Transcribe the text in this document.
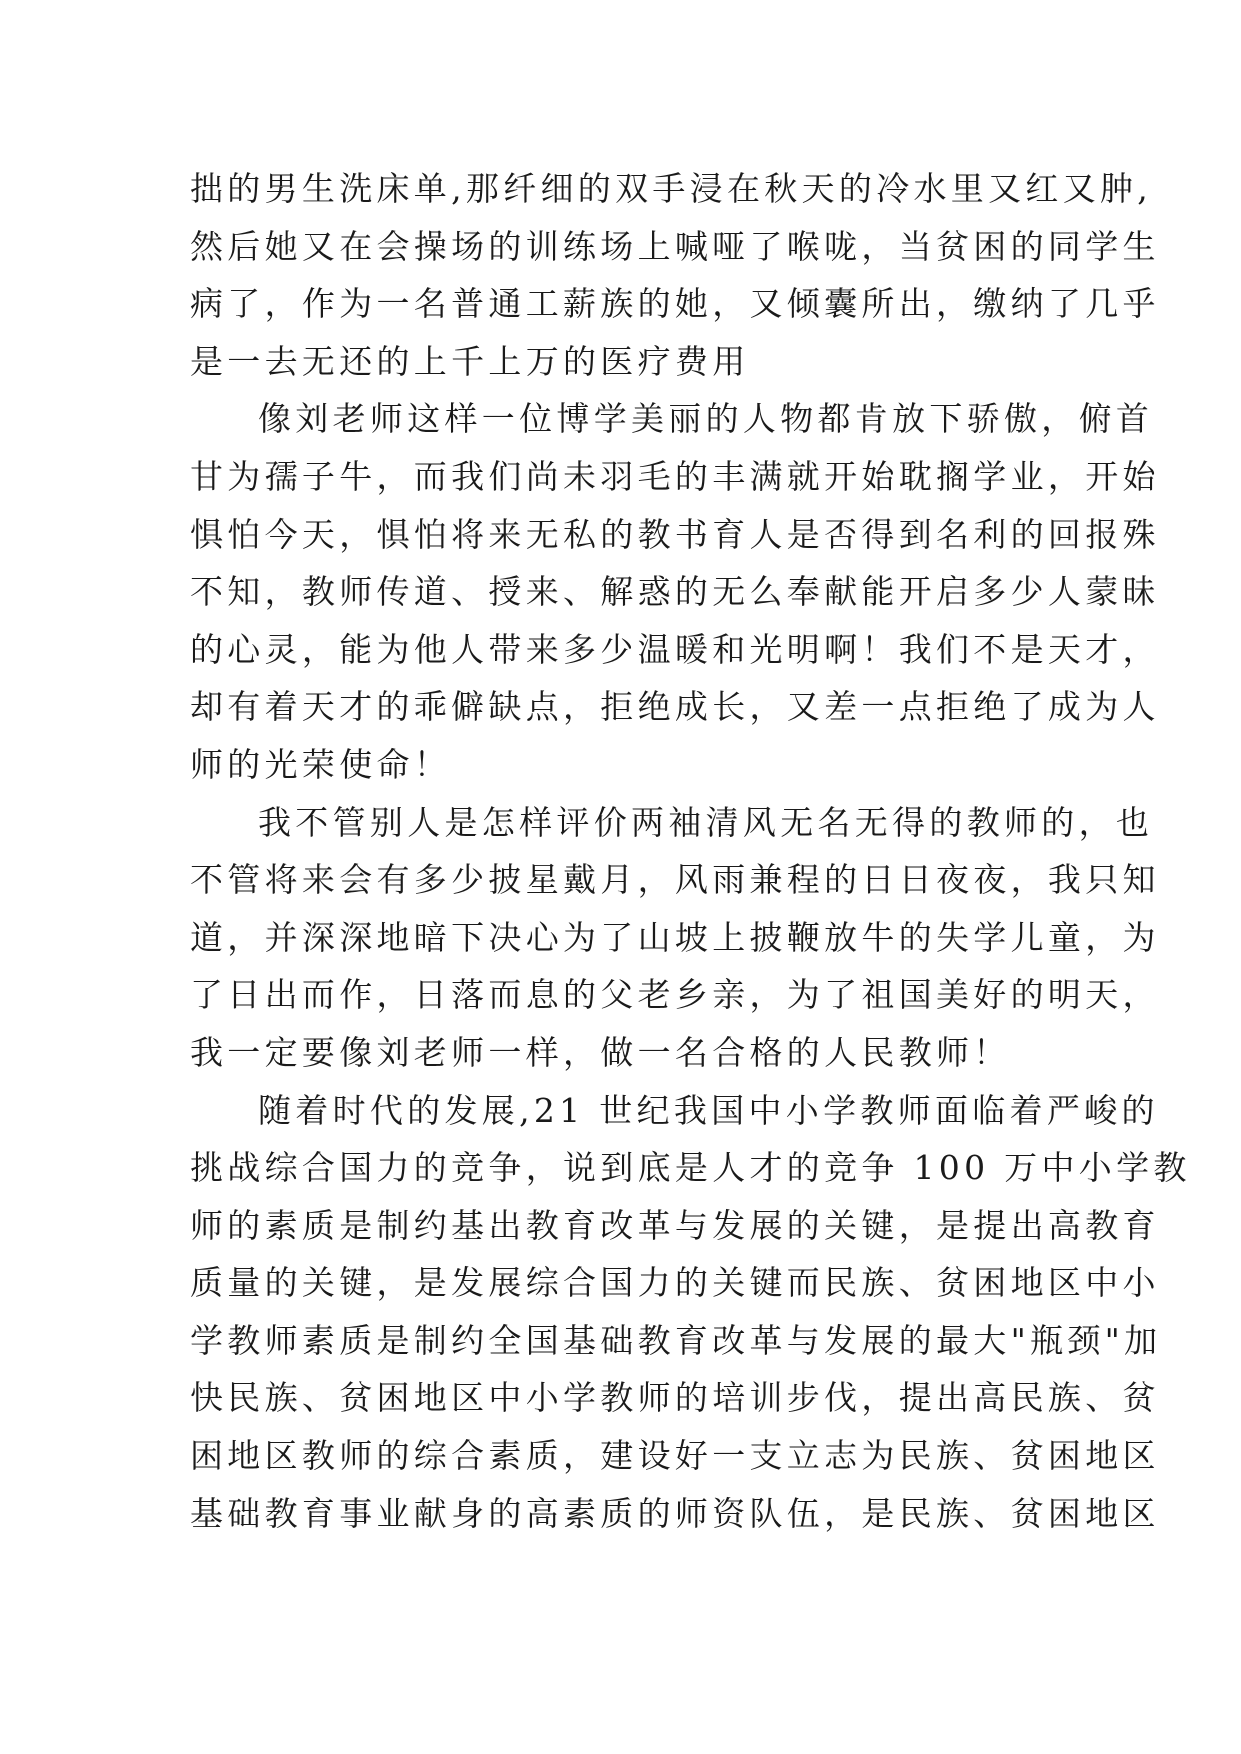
拙的男生洗床单,那纤细的双手浸在秋天的冷水里又红又肿,
然后她又在会操场的训练场上喊哑了喉咙，当贫困的同学生
病了，作为一名普通工薪族的她，又倾囊所出，缴纳了几乎
是一去无还的上千上万的医疗费用
像刘老师这样一位博学美丽的人物都肯放下骄傲，俯首
甘为孺子牛，而我们尚未羽毛的丰满就开始耽搁学业，开始
惧怕今天，惧怕将来无私的教书育人是否得到名利的回报殊
不知，教师传道、授来、解惑的无么奉献能开启多少人蒙昧
的心灵，能为他人带来多少温暖和光明啊！我们不是天才，
却有着天才的乖僻缺点，拒绝成长，又差一点拒绝了成为人
师的光荣使命！
我不管别人是怎样评价两袖清风无名无得的教师的，也
不管将来会有多少披星戴月，风雨兼程的日日夜夜，我只知
道，并深深地暗下决心为了山坡上披鞭放牛的失学儿童，为
了日出而作，日落而息的父老乡亲，为了祖国美好的明天，
我一定要像刘老师一样，做一名合格的人民教师！
随着时代的发展,21 世纪我国中小学教师面临着严峻的
挑战综合国力的竞争，说到底是人才的竞争 100 万中小学教
师的素质是制约基出教育改革与发展的关键，是提出高教育
质量的关键，是发展综合国力的关键而民族、贫困地区中小
学教师素质是制约全国基础教育改革与发展的最大"瓶颈"加
快民族、贫困地区中小学教师的培训步伐，提出高民族、贫
困地区教师的综合素质，建设好一支立志为民族、贫困地区
基础教育事业献身的高素质的师资队伍，是民族、贫困地区
